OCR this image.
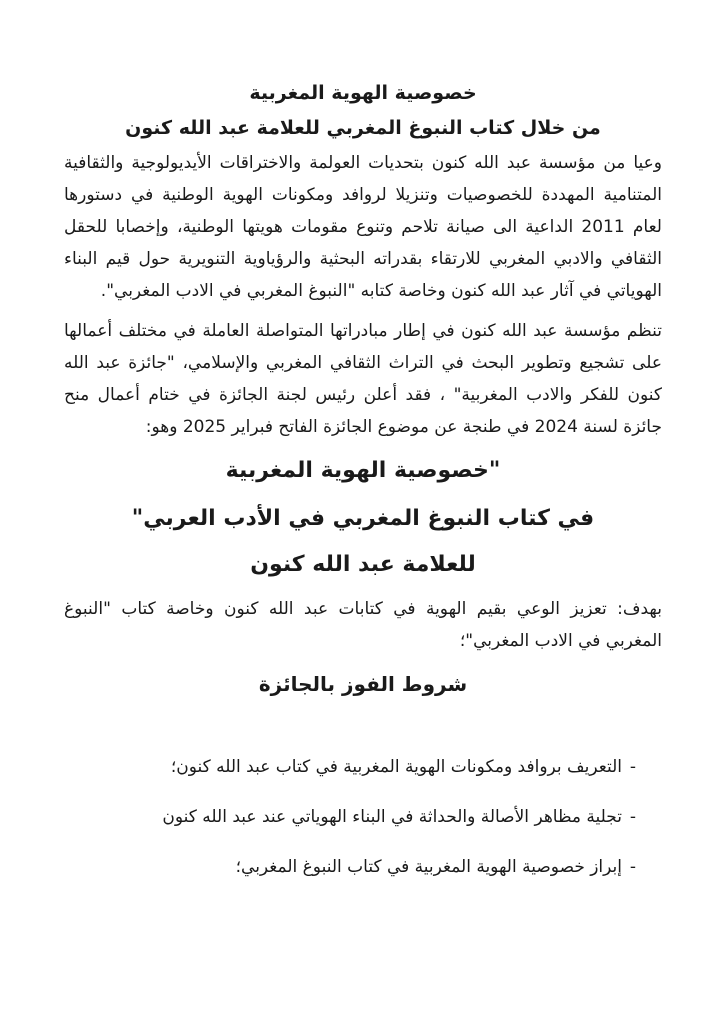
خصوصية الهوية المغربية
من خلال كتاب النبوغ المغربي للعلامة عبد الله كنون

وعيا من مؤسسة عبد الله كنون بتحديات العولمة والاختراقات الأيديولوجية والثقافية المتنامية المهددة للخصوصيات وتنزيلا لروافد ومكونات الهوية الوطنية في دستورها لعام 2011 الداعية الى صيانة تلاحم وتنوع مقومات هويتها الوطنية، وإخصابا للحقل الثقافي والادبي المغربي للارتقاء بقدراته البحثية والرؤياوية التنويرية حول قيم البناء الهوياتي في آثار عبد الله كنون وخاصة كتابه "النبوغ المغربي في الادب المغربي".

تنظم مؤسسة عبد الله كنون في إطار مبادراتها المتواصلة العاملة في مختلف أعمالها على تشجيع وتطوير البحث في التراث الثقافي المغربي والإسلامي، "جائزة عبد الله كنون للفكر والادب المغربية" ، فقد أعلن رئيس لجنة الجائزة في ختام أعمال منح جائزة لسنة 2024 في طنجة عن موضوع الجائزة الفاتح فبراير 2025 وهو:

"خصوصية الهوية المغربية

في كتاب النبوغ المغربي في الأدب العربي"

للعلامة عبد الله كنون

بهدف: تعزيز الوعي بقيم الهوية في كتابات عبد الله كنون وخاصة كتاب "النبوغ المغربي في الادب المغربي"؛

شروط الفوز بالجائزة
-
التعريف بروافد ومكونات الهوية المغربية في كتاب عبد الله كنون؛
-
تجلية مظاهر الأصالة والحداثة في البناء الهوياتي عند عبد الله كنون
-
إبراز خصوصية الهوية المغربية في كتاب النبوغ المغربي؛
